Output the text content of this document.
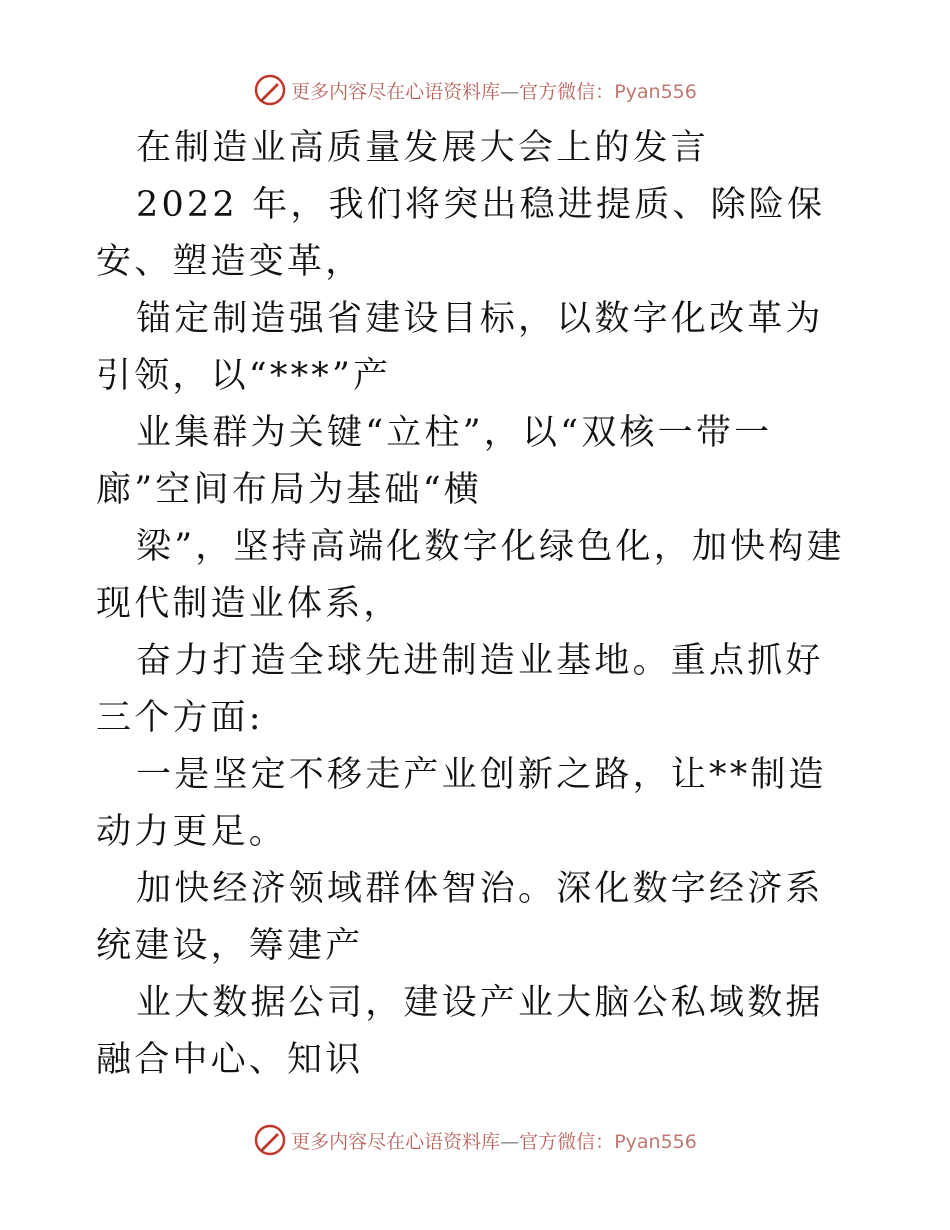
更多内容尽在心语资料库—官方微信：Pyan556

在制造业高质量发展大会上的发言

2022 年，我们将突出稳进提质、除险保安、塑造变革，

锚定制造强省建设目标，以数字化改革为引领，以“***”产

业集群为关键“立柱”，以“双核一带一廊”空间布局为基础“横

梁”，坚持高端化数字化绿色化，加快构建现代制造业体系，

奋力打造全球先进制造业基地。重点抓好三个方面:

一是坚定不移走产业创新之路，让**制造动力更足。

加快经济领域群体智治。深化数字经济系统建设，筹建产

业大数据公司，建设产业大脑公私域数据融合中心、知识

更多内容尽在心语资料库—官方微信：Pyan556
